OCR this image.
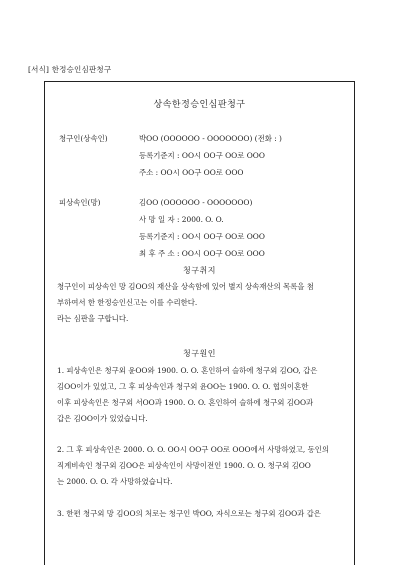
[서식] 한정승인심판청구
상속한정승인심판청구
청구인(상속인)	박OO (OOOOOO - OOOOOOO) (전화 : )
등록기준지 : OO시 OO구 OO로 OOO
주소 : OO시 OO구 OO로 OOO
피상속인(망)	김OO (OOOOOO - OOOOOOO)
사 망 일 자 : 2000. O. O.
등록기준지 : OO시 OO구 OO로 OOO
최 후 주 소 : OO시 OO구 OO로 OOO
청구취지
청구인이 피상속인 망 김OO의 재산을 상속함에 있어 별지 상속재산의 목록을 첨
부하여서 한 한정승인신고는 이를 수리한다.
라는 심판을 구합니다.
청구원인
1. 피상속인은 청구외 윤OO와 1900. O. O. 혼인하여 슬하에 청구외 김OO, 갑은
김OO이가 있었고, 그 후 피상속인과 청구외 윤OO는 1900. O. O. 협의이혼한
이후 피상속인은 청구외 서OO과 1900. O. O. 혼인하여 슬하에 청구외 김OO과
갑은 김OO이가 있었습니다.
2. 그 후 피상속인은 2000. O. O. OO시 OO구 OO로 OOO에서 사망하였고, 동인의
직계비속인 청구외 김OO은 피상속인이 사망이전인 1900. O. O. 청구외 김OO
는 2000. O. O. 각 사망하였습니다.
3. 한편 청구외 망 김OO의 처로는 청구인 박OO, 자식으로는 청구외 김OO과 갑은
